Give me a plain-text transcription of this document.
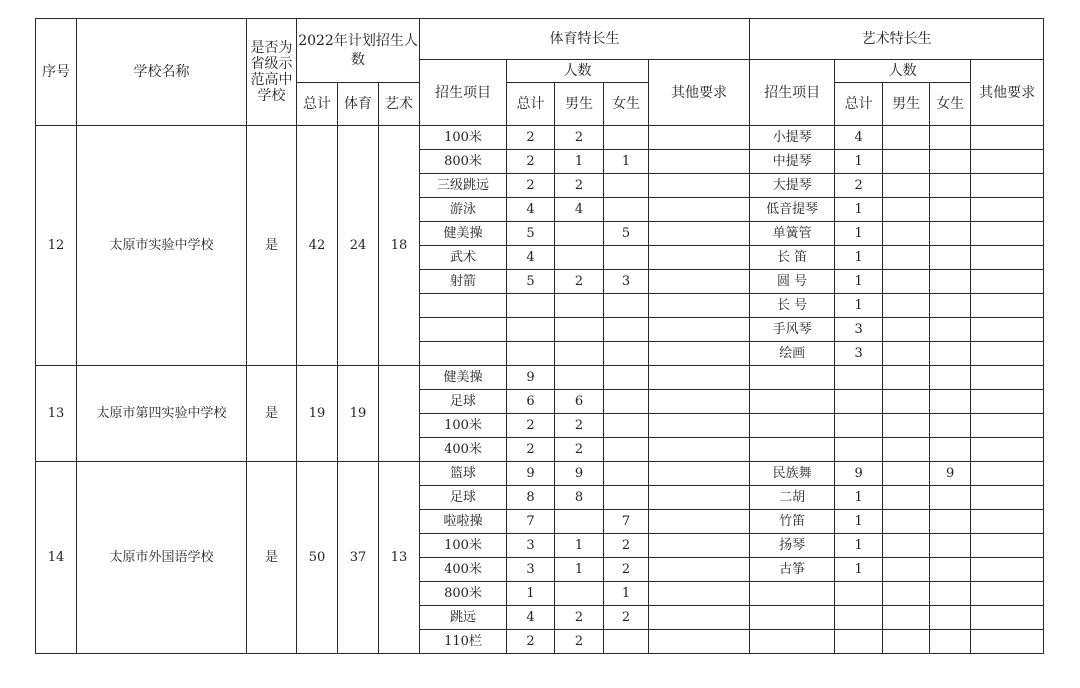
序号	学校名称	是否为省级示范高中学校	2022年计划招生人数			体育特长生					艺术特长生				
						招生项目	人数			其他要求	招生项目	人数			其他要求
			总计	体育	艺术		总计	男生	女生			总计	男生	女生	
12	太原市实验中学校	是	42	24	18	100米	2	2			小提琴	4			
						800米	2	1	1		中提琴	1			
						三级跳远	2	2			大提琴	2			
						游泳	4	4			低音提琴	1			
						健美操	5		5		单簧管	1			
						武术	4				长 笛	1			
						射箭	5	2	3		圆 号	1			
											长 号	1			
											手风琴	3			
											绘画	3			
13	太原市第四实验中学校	是	19	19		健美操	9								
						足球	6	6							
						100米	2	2							
						400米	2	2							
14	太原市外国语学校	是	50	37	13	篮球	9	9			民族舞	9		9	
						足球	8	8			二胡	1			
						啦啦操	7		7		竹笛	1			
						100米	3	1	2		扬琴	1			
						400米	3	1	2		古筝	1			
						800米	1		1						
						跳远	4	2	2						
						110栏	2	2							
